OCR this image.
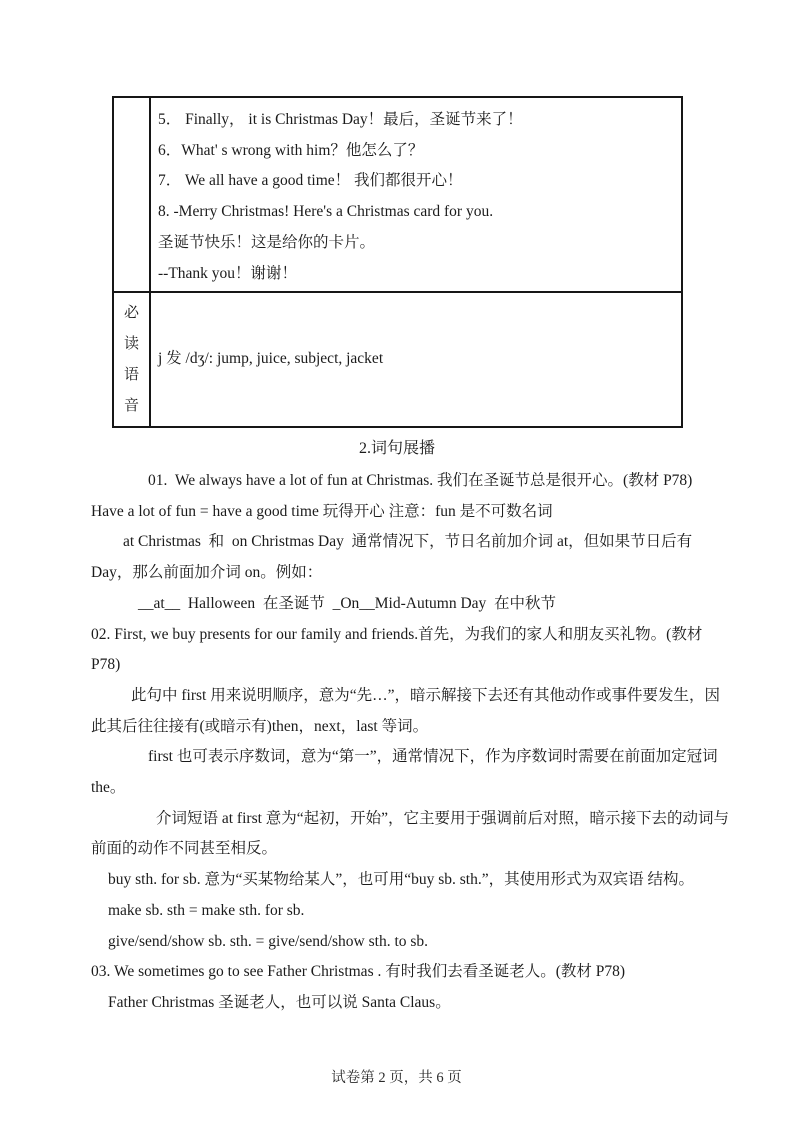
5． Finally， it is Christmas Day！最后，圣诞节来了！
6．What' s wrong with him？他怎么了？
7． We all have a good time！ 我们都很开心！
8. -Merry Christmas! Here's a Christmas card for you.
圣诞节快乐！这是给你的卡片。
--Thank you！谢谢！
必读语音
j 发 /dʒ/: jump, juice, subject, jacket
2.词句展播
01.  We always have a lot of fun at Christmas. 我们在圣诞节总是很开心。(教材 P78)
Have a lot of fun = have a good time 玩得开心 注意：fun 是不可数名词
at Christmas  和  on Christmas Day  通常情况下，节日名前加介词 at，但如果节日后有
Day，那么前面加介词 on。例如：
__at__  Halloween  在圣诞节  _On__Mid-Autumn Day  在中秋节
02. First, we buy presents for our family and friends.首先，为我们的家人和朋友买礼物。(教材
P78)
此句中 first 用来说明顺序，意为“先…”，暗示解接下去还有其他动作或事件要发生，因
此其后往往接有(或暗示有)then，next，last 等词。
first 也可表示序数词，意为“第一”，通常情况下，作为序数词时需要在前面加定冠词
the。
介词短语 at first 意为“起初，开始”，它主要用于强调前后对照，暗示接下去的动词与
前面的动作不同甚至相反。
buy sth. for sb. 意为“买某物给某人”，也可用“buy sb. sth.”，其使用形式为双宾语 结构。
make sb. sth = make sth. for sb.
give/send/show sb. sth. = give/send/show sth. to sb.
03. We sometimes go to see Father Christmas . 有时我们去看圣诞老人。(教材 P78)
Father Christmas 圣诞老人，也可以说 Santa Claus。
试卷第 2 页，共 6 页
